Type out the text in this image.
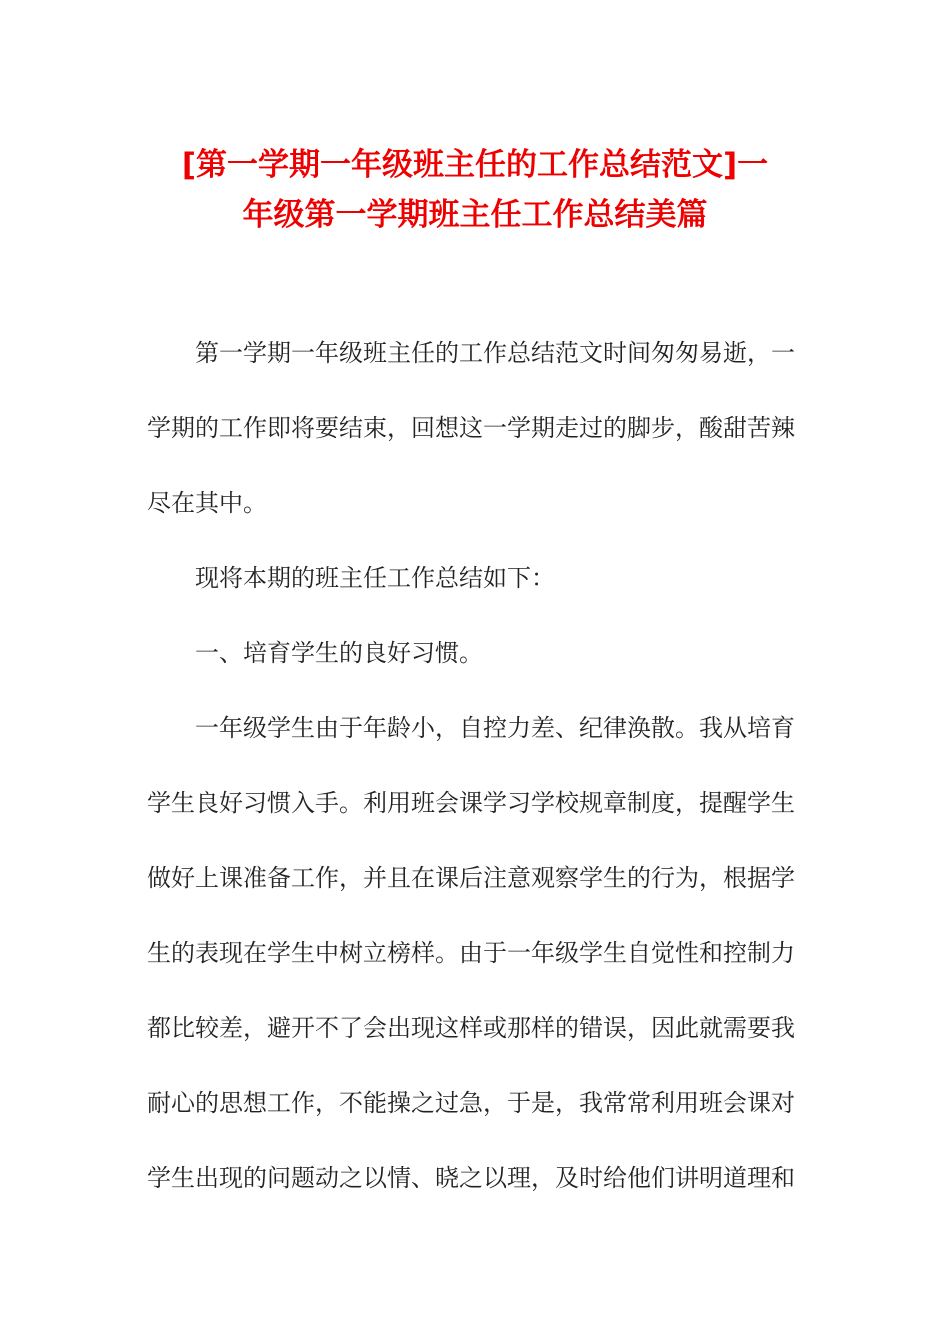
[第一学期一年级班主任的工作总结范文]一
年级第一学期班主任工作总结美篇
第一学期一年级班主任的工作总结范文时间匆匆易逝，一
学期的工作即将要结束，回想这一学期走过的脚步，酸甜苦辣
尽在其中。
现将本期的班主任工作总结如下：
一、培育学生的良好习惯。
一年级学生由于年龄小，自控力差、纪律涣散。我从培育
学生良好习惯入手。利用班会课学习学校规章制度，提醒学生
做好上课准备工作，并且在课后注意观察学生的行为，根据学
生的表现在学生中树立榜样。由于一年级学生自觉性和控制力
都比较差，避开不了会出现这样或那样的错误，因此就需要我
耐心的思想工作，不能操之过急，于是，我常常利用班会课对
学生出现的问题动之以情、晓之以理，及时给他们讲明道理和
